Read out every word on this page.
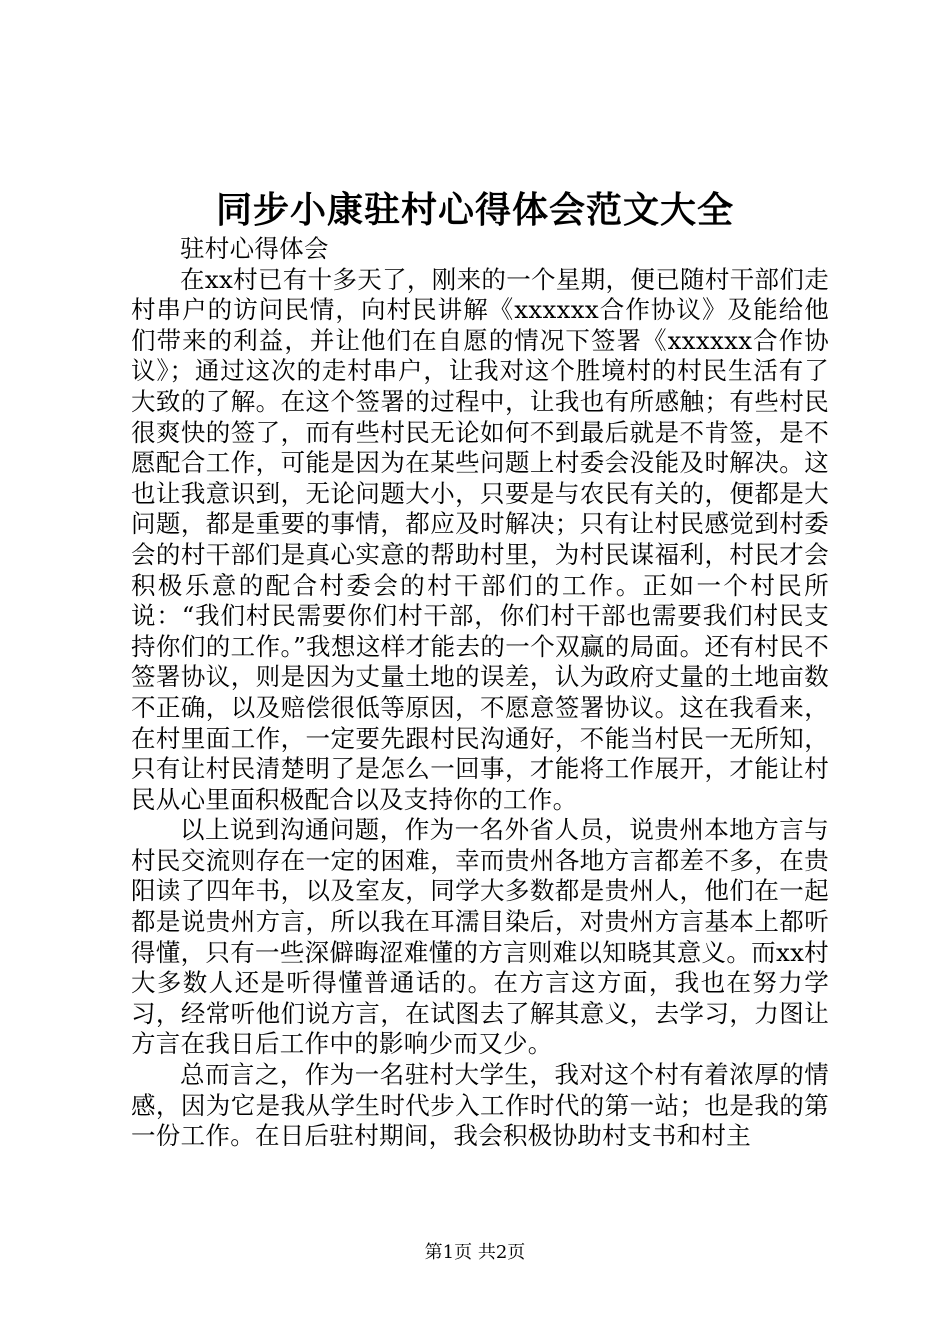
同步小康驻村心得体会范文大全

驻村心得体会

在xx村已有十多天了，刚来的一个星期，便已随村干部们走村串户的访问民情，向村民讲解《xxxxxx合作协议》及能给他们带来的利益，并让他们在自愿的情况下签署《xxxxxx合作协议》；通过这次的走村串户，让我对这个胜境村的村民生活有了大致的了解。在这个签署的过程中，让我也有所感触；有些村民很爽快的签了，而有些村民无论如何不到最后就是不肯签，是不愿配合工作，可能是因为在某些问题上村委会没能及时解决。这也让我意识到，无论问题大小，只要是与农民有关的，便都是大问题，都是重要的事情，都应及时解决；只有让村民感觉到村委会的村干部们是真心实意的帮助村里，为村民谋福利，村民才会积极乐意的配合村委会的村干部们的工作。正如一个村民所说：“我们村民需要你们村干部，你们村干部也需要我们村民支持你们的工作。”我想这样才能去的一个双赢的局面。还有村民不签署协议，则是因为丈量土地的误差，认为政府丈量的土地亩数不正确，以及赔偿很低等原因，不愿意签署协议。这在我看来，在村里面工作，一定要先跟村民沟通好，不能当村民一无所知，只有让村民清楚明了是怎么一回事，才能将工作展开，才能让村民从心里面积极配合以及支持你的工作。

以上说到沟通问题，作为一名外省人员，说贵州本地方言与村民交流则存在一定的困难，幸而贵州各地方言都差不多，在贵阳读了四年书，以及室友，同学大多数都是贵州人，他们在一起都是说贵州方言，所以我在耳濡目染后，对贵州方言基本上都听得懂，只有一些深僻晦涩难懂的方言则难以知晓其意义。而xx村大多数人还是听得懂普通话的。在方言这方面，我也在努力学习，经常听他们说方言，在试图去了解其意义，去学习，力图让方言在我日后工作中的影响少而又少。

总而言之，作为一名驻村大学生，我对这个村有着浓厚的情感，因为它是我从学生时代步入工作时代的第一站；也是我的第一份工作。在日后驻村期间，我会积极协助村支书和村主

第1页 共2页
